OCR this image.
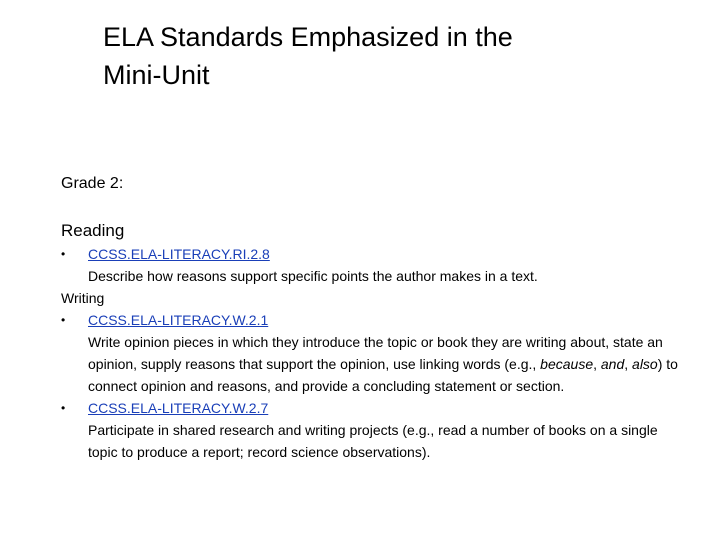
ELA Standards Emphasized in the
Mini-Unit

Grade 2:

Reading

•	CCSS.ELA-LITERACY.RI.2.8
Describe how reasons support specific points the author makes in a text.

Writing

•	CCSS.ELA-LITERACY.W.2.1
Write opinion pieces in which they introduce the topic or book they are writing about, state an opinion, supply reasons that support the opinion, use linking words (e.g., because, and, also) to connect opinion and reasons, and provide a concluding statement or section.
•	CCSS.ELA-LITERACY.W.2.7
Participate in shared research and writing projects (e.g., read a number of books on a single topic to produce a report; record science observations).
